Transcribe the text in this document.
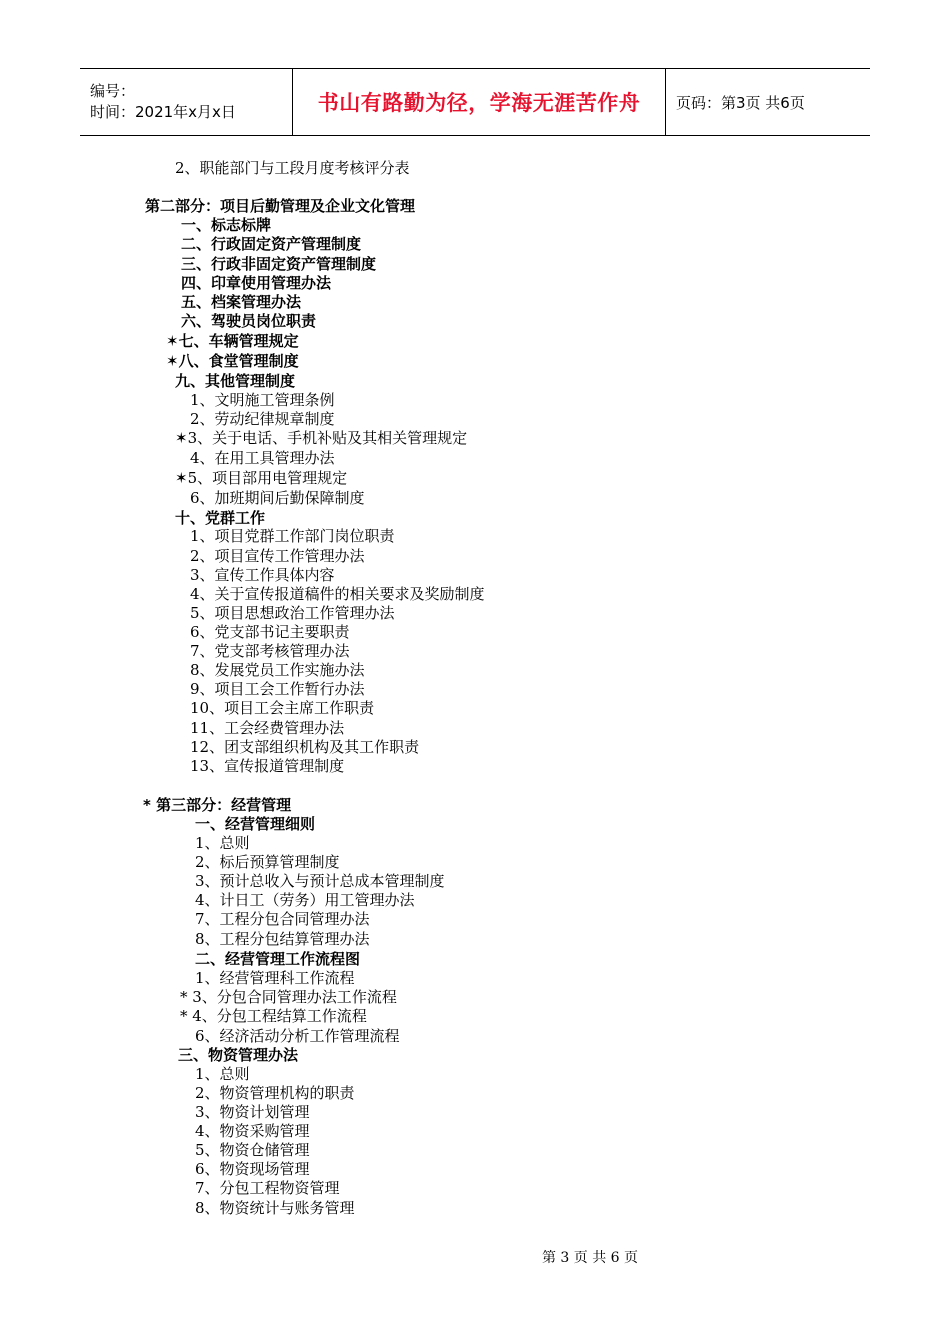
编号：
时间：2021年x月x日	书山有路勤为径，学海无涯苦作舟	页码：第3页 共6页
2、职能部门与工段月度考核评分表
第二部分：项目后勤管理及企业文化管理
一、标志标牌
二、行政固定资产管理制度
三、行政非固定资产管理制度
四、印章使用管理办法
五、档案管理办法
六、驾驶员岗位职责
✶七、车辆管理规定
✶八、食堂管理制度
九、其他管理制度
1、文明施工管理条例
2、劳动纪律规章制度
✶3、关于电话、手机补贴及其相关管理规定
4、在用工具管理办法
✶5、项目部用电管理规定
6、加班期间后勤保障制度
十、党群工作
1、项目党群工作部门岗位职责
2、项目宣传工作管理办法
3、宣传工作具体内容
4、关于宣传报道稿件的相关要求及奖励制度
5、项目思想政治工作管理办法
6、党支部书记主要职责
7、党支部考核管理办法
8、发展党员工作实施办法
9、项目工会工作暂行办法
10、项目工会主席工作职责
11、工会经费管理办法
12、团支部组织机构及其工作职责
13、宣传报道管理制度
* 第三部分：经营管理
一、经营管理细则
1、总则
2、标后预算管理制度
3、预计总收入与预计总成本管理制度
4、计日工（劳务）用工管理办法
7、工程分包合同管理办法
8、工程分包结算管理办法
二、经营管理工作流程图
1、经营管理科工作流程
* 3、分包合同管理办法工作流程
* 4、分包工程结算工作流程
6、经济活动分析工作管理流程
三、物资管理办法
1、总则
2、物资管理机构的职责
3、物资计划管理
4、物资采购管理
5、物资仓储管理
6、物资现场管理
7、分包工程物资管理
8、物资统计与账务管理
第 3 页 共 6 页
